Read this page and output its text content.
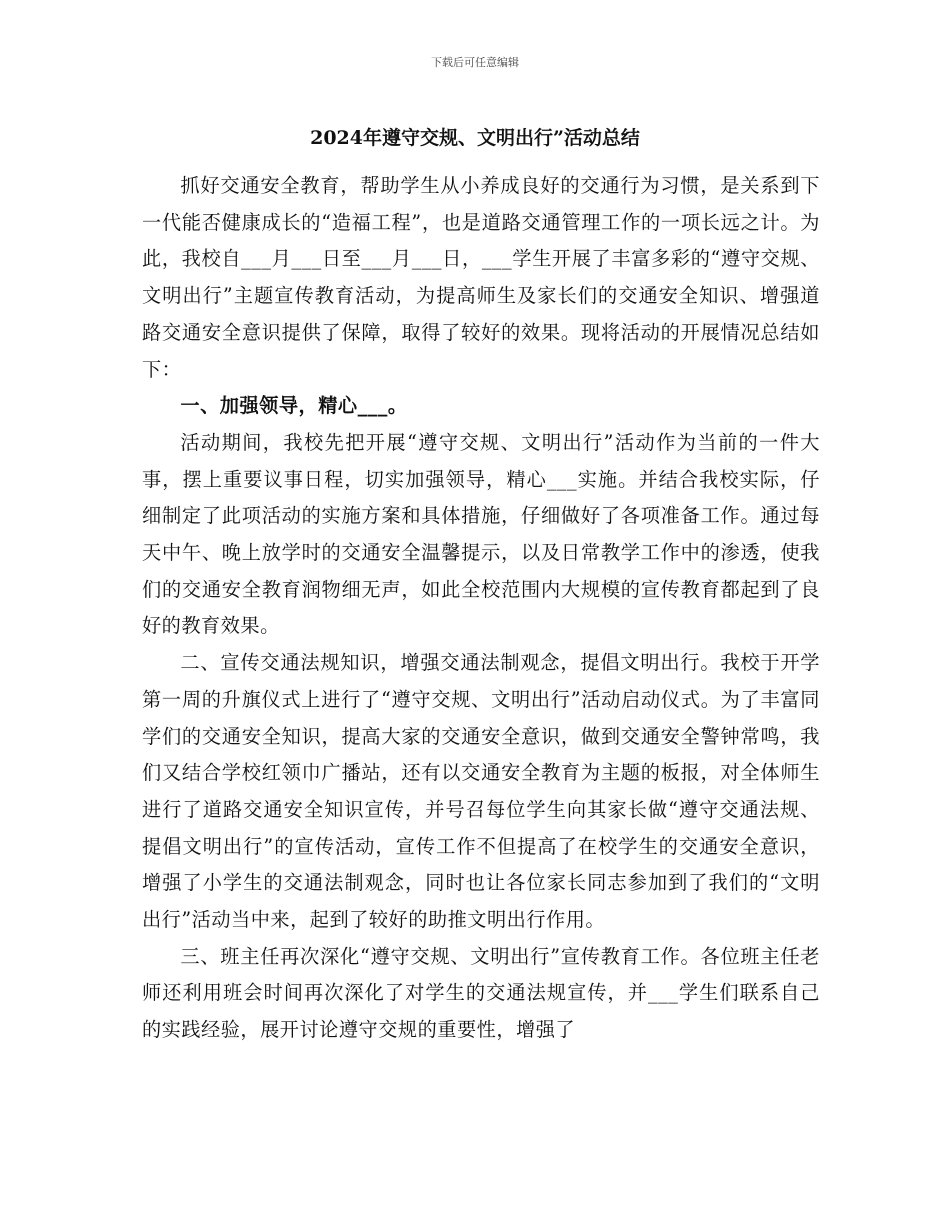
下载后可任意编辑
2024年遵守交规、文明出行”活动总结

抓好交通安全教育，帮助学生从小养成良好的交通行为习惯，是关系到下一代能否健康成长的“造福工程”，也是道路交通管理工作的一项长远之计。为此，我校自___月___日至___月___日，___学生开展了丰富多彩的“遵守交规、文明出行”主题宣传教育活动，为提高师生及家长们的交通安全知识、增强道路交通安全意识提供了保障，取得了较好的效果。现将活动的开展情况总结如下：

一、加强领导，精心___。

活动期间，我校先把开展“遵守交规、文明出行”活动作为当前的一件大事，摆上重要议事日程，切实加强领导，精心___实施。并结合我校实际，仔细制定了此项活动的实施方案和具体措施，仔细做好了各项准备工作。通过每天中午、晚上放学时的交通安全温馨提示，以及日常教学工作中的渗透，使我们的交通安全教育润物细无声，如此全校范围内大规模的宣传教育都起到了良好的教育效果。

二、宣传交通法规知识，增强交通法制观念，提倡文明出行。我校于开学第一周的升旗仪式上进行了“遵守交规、文明出行”活动启动仪式。为了丰富同学们的交通安全知识，提高大家的交通安全意识，做到交通安全警钟常鸣，我们又结合学校红领巾广播站，还有以交通安全教育为主题的板报，对全体师生进行了道路交通安全知识宣传，并号召每位学生向其家长做“遵守交通法规、提倡文明出行”的宣传活动，宣传工作不但提高了在校学生的交通安全意识，增强了小学生的交通法制观念，同时也让各位家长同志参加到了我们的“文明出行”活动当中来，起到了较好的助推文明出行作用。

三、班主任再次深化“遵守交规、文明出行”宣传教育工作。各位班主任老师还利用班会时间再次深化了对学生的交通法规宣传，并___学生们联系自己的实践经验，展开讨论遵守交规的重要性，增强了
